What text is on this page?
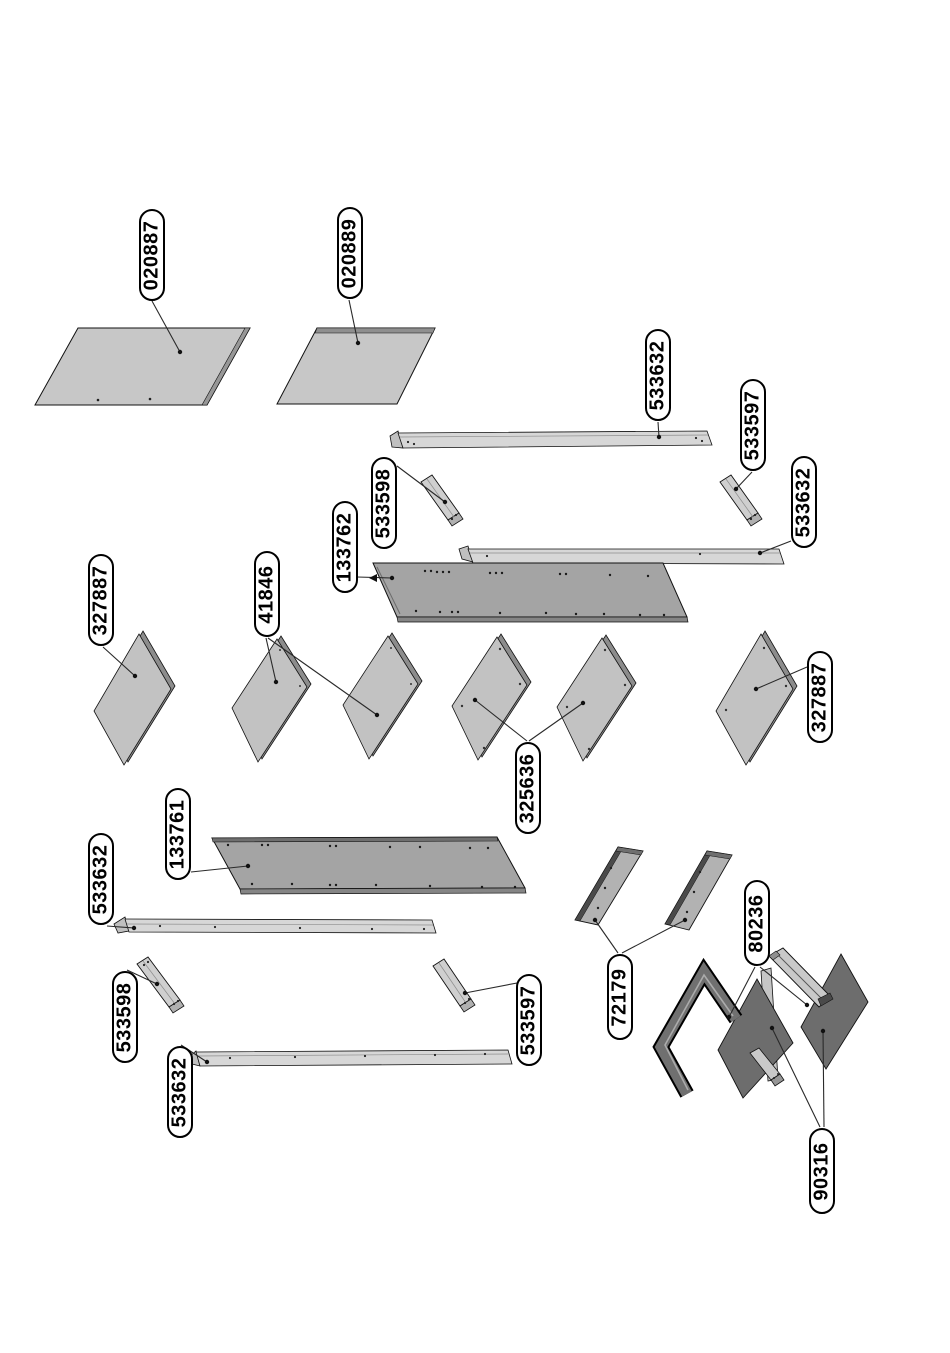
020887	020889
533632
533597
533598
133762
533632
327887	41846
325636
327887
133761
533632
533598	533597
533632
72179
80236
90316
